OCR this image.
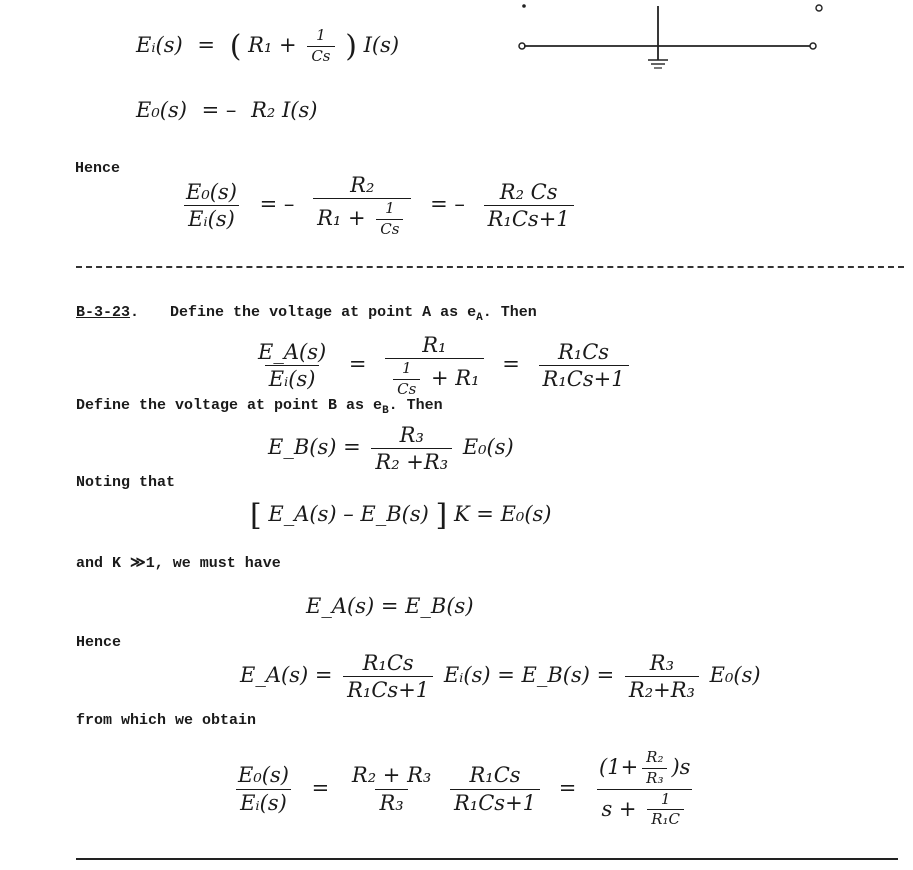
Eᵢ(s) = ( $R_1 + \frac{1}{Cs}$ ) I(s)
E₀(s) = – R₂ I(s)
Hence
$\frac{\text{E₀(s)}}{\text{Eᵢ(s)}}$ = – $\frac{\text{R₂}}{R_1 + \frac{1}{Cs}}$ = – $\frac{\text{R₂ Cs}}{\text{R₁Cs+1}}$
B-3-23. Define the voltage at point A as $e_A$. Then
$\frac{E\_A(s)}{\text{Eᵢ(s)}} = \frac{\text{R₁}}{\frac{1}{Cs} + R_1} = \frac{\text{R₁Cs}}{\text{R₁Cs+1}}$
Define the voltage at point B as $e_B$. Then
E_B(s) = $\frac{\text{R₃}}{\text{R₂ +R₃}} E_0(s)$
Noting that
[ E_A(s) – E_B(s) ] K = E₀(s)
and K ≫1, we must have
E_A(s) = E_B(s)
Hence
E_A(s) = $\frac{\text{R₁Cs}}{\text{R₁Cs+1}}$ Eᵢ(s) = E_B(s) = $\frac{\text{R₃}}{\text{R₂+R₃}} E_0(s)$
from which we obtain
$\frac{\text{E₀(s)}}{\text{Eᵢ(s)}} = \frac{\text{R₂ + R₃}}{\text{R₃}}$
$\frac{\text{R₁Cs}}{\text{R₁Cs+1}} = \frac{(1+ \frac{\text{R₂}}{\text{R₃}} )s}{s + \frac{1}{\text{R₁C}}}$
